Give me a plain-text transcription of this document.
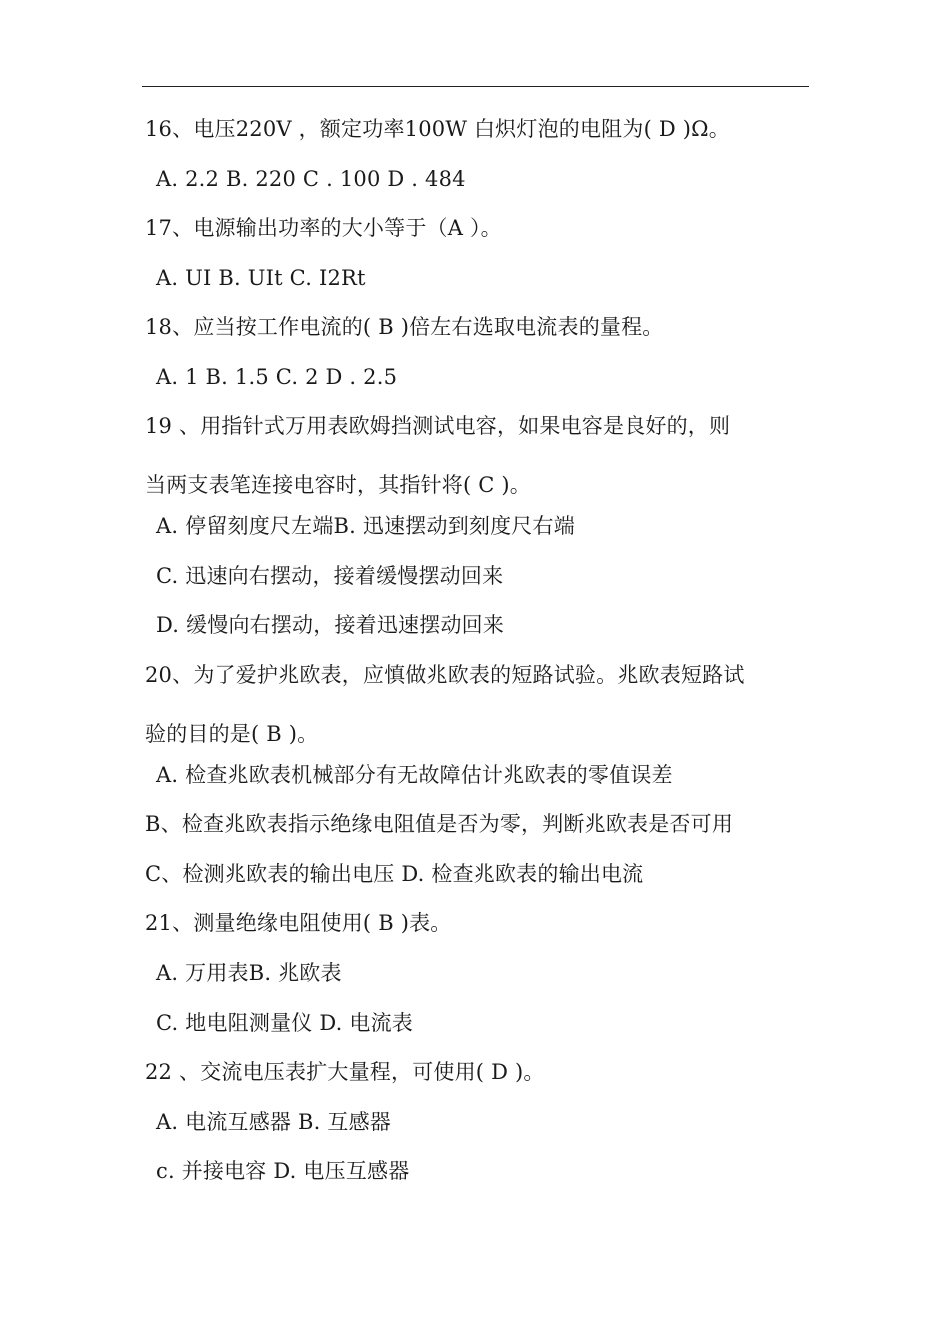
16、电压220V ，额定功率100W 白炽灯泡的电阻为( D )Ω。
A. 2.2 B. 220 C . 100 D . 484
17、电源输出功率的大小等于（A ）。
A. UI B. UIt C. I2Rt
18、应当按工作电流的( B )倍左右选取电流表的量程。
A. 1 B. 1.5 C. 2 D . 2.5
19 、用指针式万用表欧姆挡测试电容，如果电容是良好的，则
当两支表笔连接电容时，其指针将( C )。
A. 停留刻度尺左端B. 迅速摆动到刻度尺右端
C. 迅速向右摆动，接着缓慢摆动回来
D. 缓慢向右摆动，接着迅速摆动回来
20、为了爱护兆欧表，应慎做兆欧表的短路试验。兆欧表短路试
验的目的是( B )。
A. 检查兆欧表机械部分有无故障估计兆欧表的零值误差
B、检查兆欧表指示绝缘电阻值是否为零，判断兆欧表是否可用
C、检测兆欧表的输出电压 D. 检查兆欧表的输出电流
21、测量绝缘电阻使用( B )表。
A. 万用表B. 兆欧表
C. 地电阻测量仪 D. 电流表
22 、交流电压表扩大量程，可使用( D )。
A. 电流互感器 B. 互感器
c. 并接电容 D. 电压互感器
